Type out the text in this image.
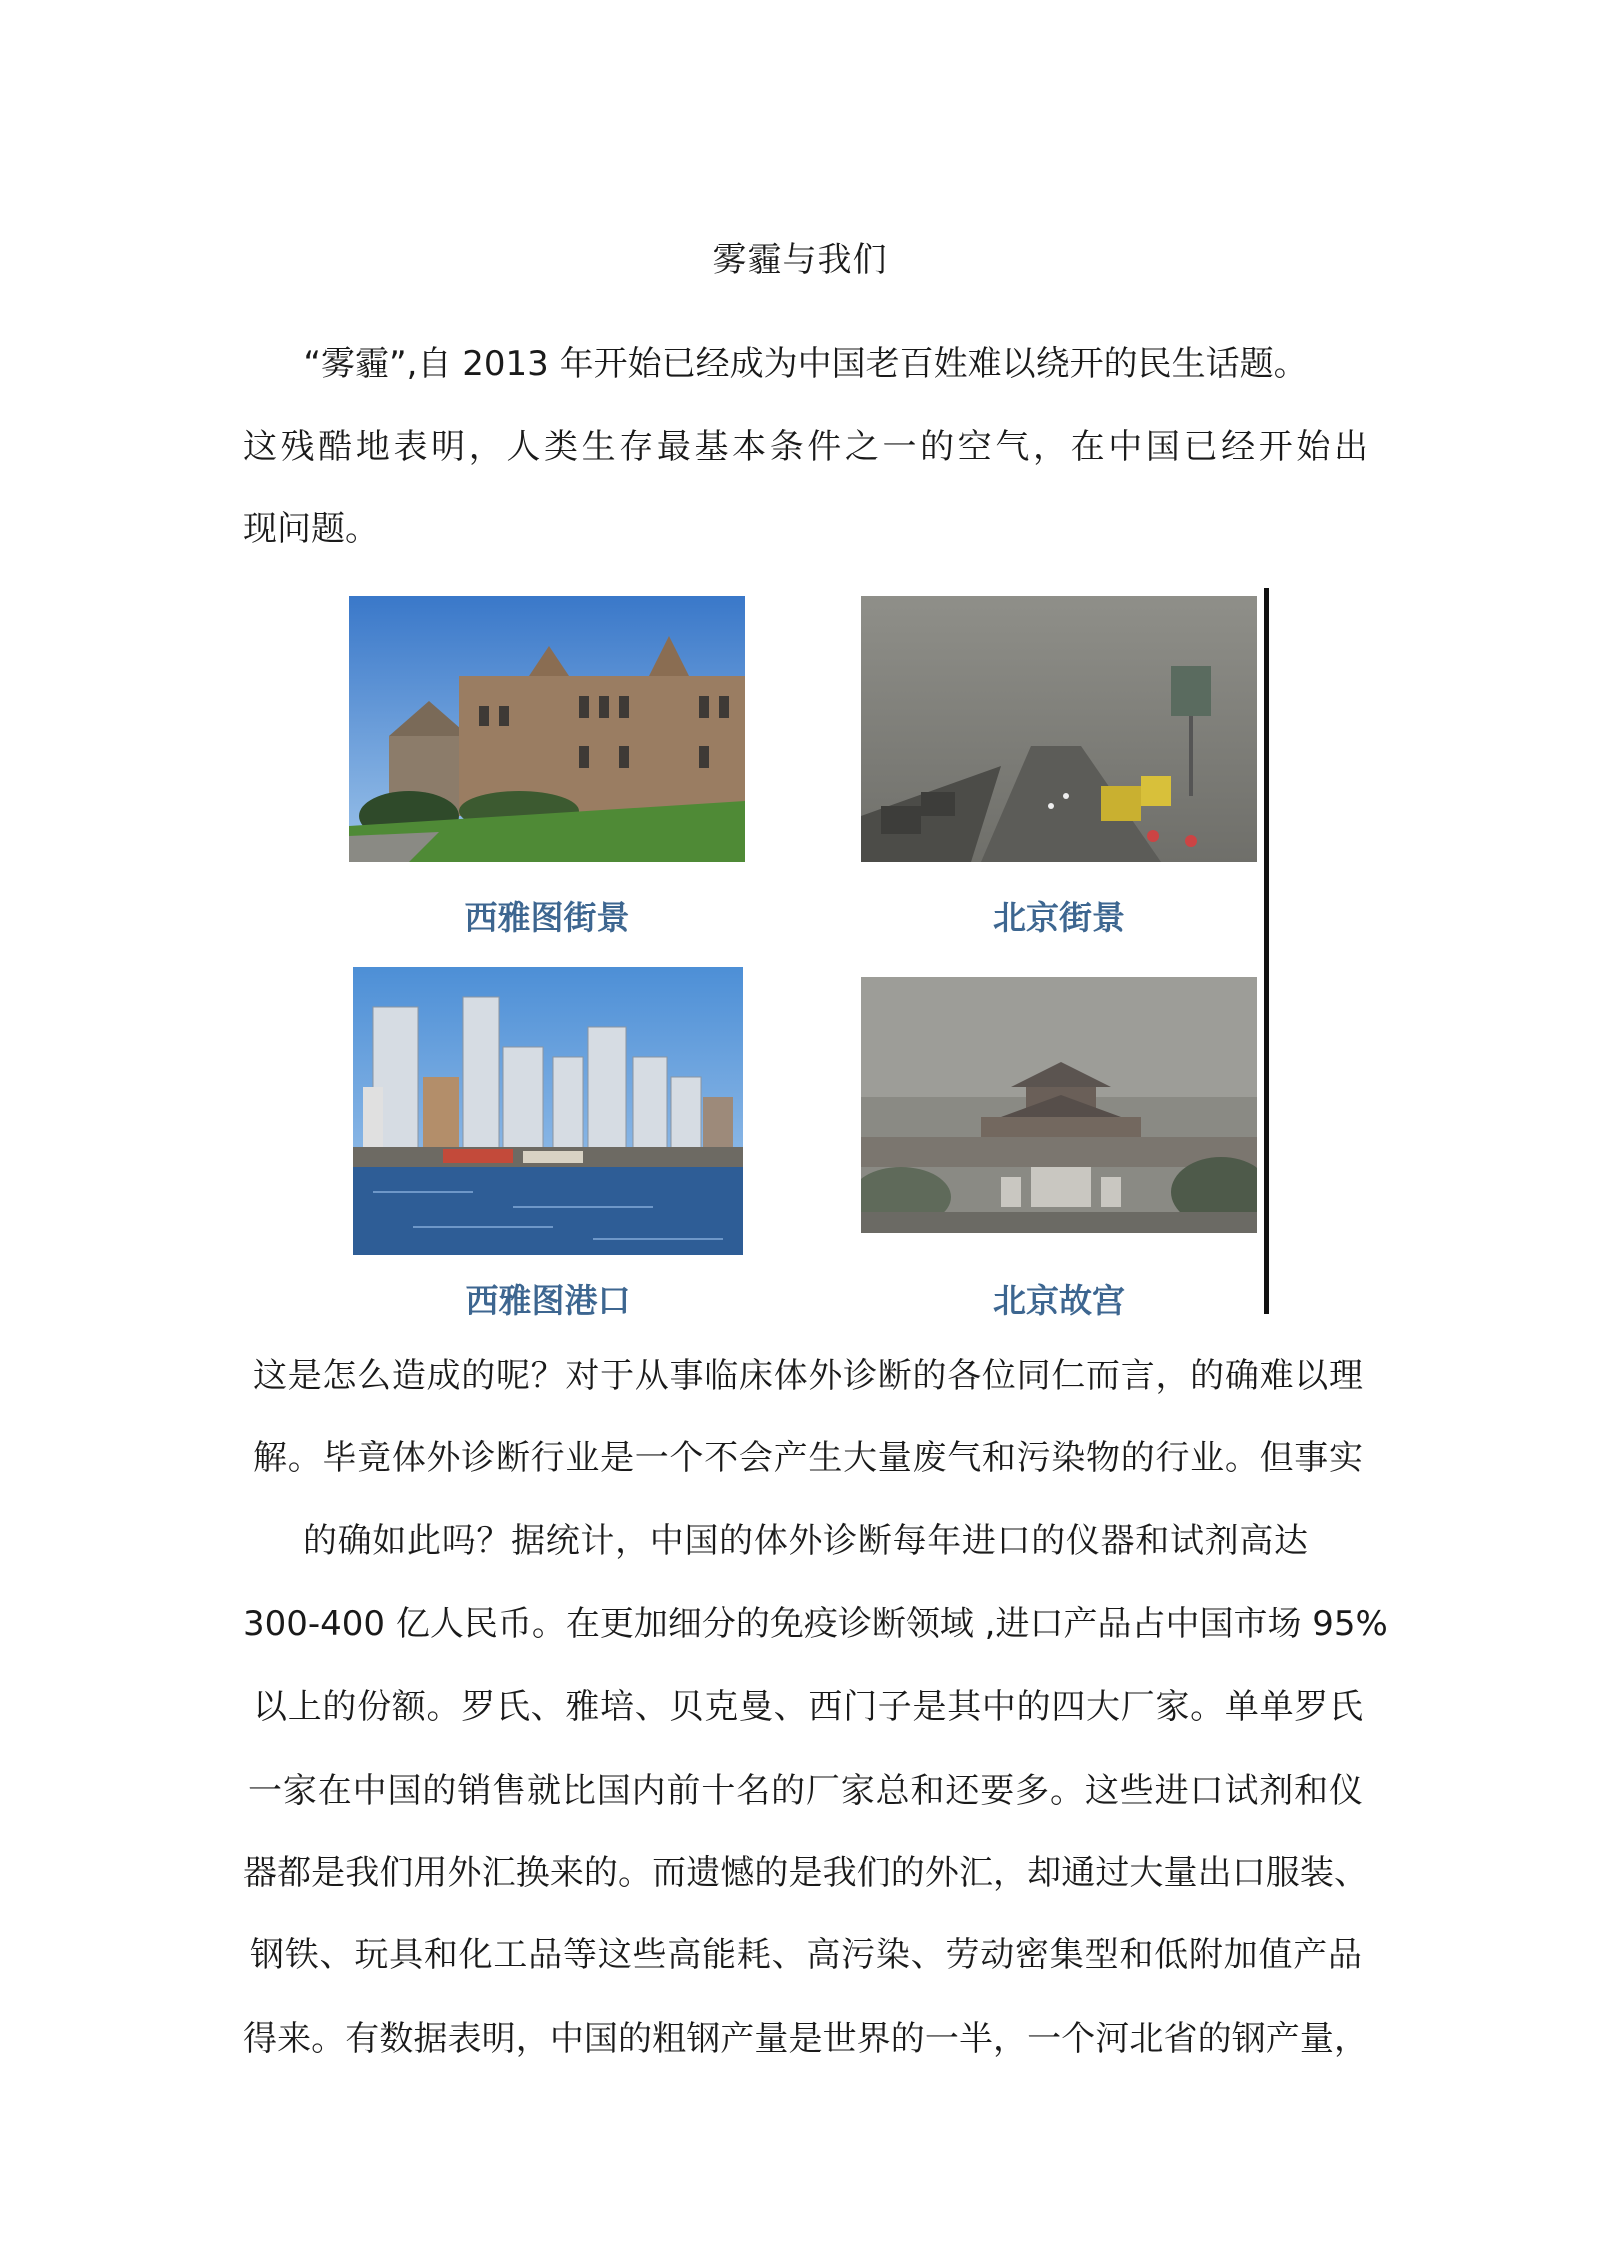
雾霾与我们
“雾霾”,自 2013 年开始已经成为中国老百姓难以绕开的民生话题。
这残酷地表明，人类生存最基本条件之一的空气，在中国已经开始出
现问题。
西雅图街景	北京街景
西雅图港口	北京故宫
这是怎么造成的呢？对于从事临床体外诊断的各位同仁而言，的确难以理
解。毕竟体外诊断行业是一个不会产生大量废气和污染物的行业。但事实
的确如此吗？据统计，中国的体外诊断每年进口的仪器和试剂高达
300-400 亿人民币。在更加细分的免疫诊断领域 ,进口产品占中国市场 95%
以上的份额。罗氏、雅培、贝克曼、西门子是其中的四大厂家。单单罗氏
一家在中国的销售就比国内前十名的厂家总和还要多。这些进口试剂和仪
器都是我们用外汇换来的。而遗憾的是我们的外汇，却通过大量出口服装、
钢铁、玩具和化工品等这些高能耗、高污染、劳动密集型和低附加值产品
得来。有数据表明，中国的粗钢产量是世界的一半，一个河北省的钢产量，
